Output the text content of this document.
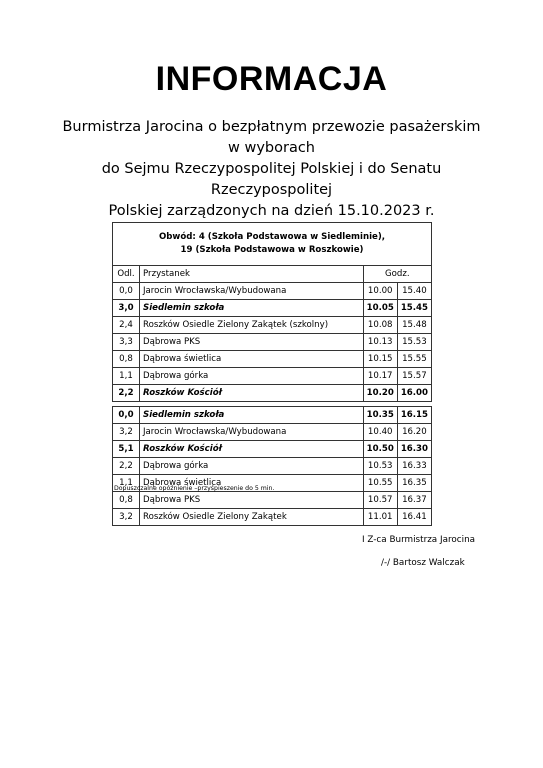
INFORMACJA
Burmistrza Jarocina o bezpłatnym przewozie pasażerskim w wyborach
do Sejmu Rzeczypospolitej Polskiej i do Senatu Rzeczypospolitej
Polskiej zarządzonych na dzień 15.10.2023 r.
Obwód: 4 (Szkoła Podstawowa w Siedleminie),
19 (Szkoła Podstawowa w Roszkowie)			

Odl.	Przystanek	Godz.	
0,0	Jarocin Wrocławska/Wybudowana	10.00	15.40
3,0	Siedlemin szkoła	10.05	15.45
2,4	Roszków Osiedle Zielony Zakątek (szkolny)	10.08	15.48
3,3	Dąbrowa PKS	10.13	15.53
0,8	Dąbrowa świetlica	10.15	15.55
1,1	Dąbrowa górka	10.17	15.57
2,2	Roszków Kościół	10.20	16.00

0,0	Siedlemin szkoła	10.35	16.15
3,2	Jarocin Wrocławska/Wybudowana	10.40	16.20
5,1	Roszków Kościół	10.50	16.30
2,2	Dąbrowa górka	10.53	16.33
1,1	Dąbrowa świetlica	10.55	16.35
0,8	Dąbrowa PKS	10.57	16.37
3,2	Roszków Osiedle Zielony Zakątek	11.01	16.41
Dopuszczalne opóźnienie –przyśpieszenie do 5 min.
I Z-ca Burmistrza Jarocina
/-/ Bartosz Walczak
